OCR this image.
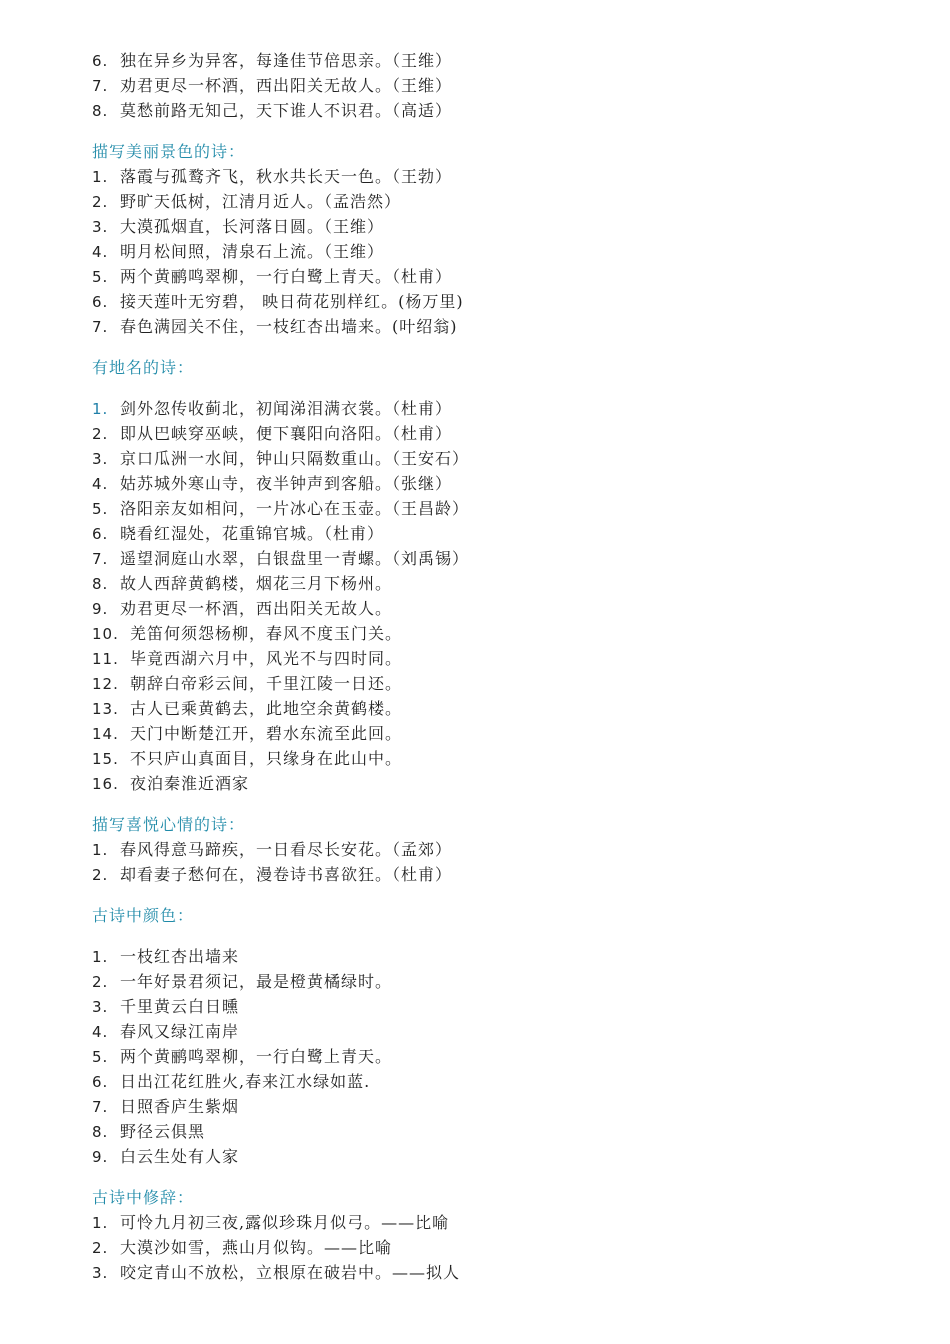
6. 独在异乡为异客，每逢佳节倍思亲。（王维）
7. 劝君更尽一杯酒，西出阳关无故人。（王维）
8. 莫愁前路无知己，天下谁人不识君。（高适）
描写美丽景色的诗：
1. 落霞与孤鹜齐飞，秋水共长天一色。（王勃）
2. 野旷天低树，江清月近人。（孟浩然）
3. 大漠孤烟直，长河落日圆。（王维）
4. 明月松间照，清泉石上流。（王维）
5. 两个黄鹂鸣翠柳，一行白鹭上青天。（杜甫）
6. 接天莲叶无穷碧， 映日荷花别样红。(杨万里)
7. 春色满园关不住，一枝红杏出墙来。(叶绍翁)
有地名的诗：
1. 剑外忽传收蓟北，初闻涕泪满衣裳。（杜甫）
2. 即从巴峡穿巫峡，便下襄阳向洛阳。（杜甫）
3. 京口瓜洲一水间，钟山只隔数重山。（王安石）
4. 姑苏城外寒山寺，夜半钟声到客船。（张继）
5. 洛阳亲友如相问，一片冰心在玉壶。（王昌龄）
6. 晓看红湿处，花重锦官城。（杜甫）
7. 遥望洞庭山水翠，白银盘里一青螺。（刘禹锡）
8. 故人西辞黄鹤楼，烟花三月下杨州。
9. 劝君更尽一杯酒，西出阳关无故人。
10. 羌笛何须怨杨柳，春风不度玉门关。
11. 毕竟西湖六月中，风光不与四时同。
12. 朝辞白帝彩云间，千里江陵一日还。
13. 古人已乘黄鹤去，此地空余黄鹤楼。
14. 天门中断楚江开，碧水东流至此回。
15. 不只庐山真面目，只缘身在此山中。
16. 夜泊秦淮近酒家
描写喜悦心情的诗：
1. 春风得意马蹄疾，一日看尽长安花。（孟郊）
2. 却看妻子愁何在，漫卷诗书喜欲狂。（杜甫）
古诗中颜色：
1. 一枝红杏出墙来
2. 一年好景君须记，最是橙黄橘绿时。
3. 千里黄云白日曛
4. 春风又绿江南岸
5. 两个黄鹂鸣翠柳，一行白鹭上青天。
6. 日出江花红胜火,春来江水绿如蓝.
7. 日照香庐生紫烟
8. 野径云俱黑
9. 白云生处有人家
古诗中修辞：
1. 可怜九月初三夜,露似珍珠月似弓。——比喻
2. 大漠沙如雪，燕山月似钩。——比喻
3. 咬定青山不放松，立根原在破岩中。——拟人
